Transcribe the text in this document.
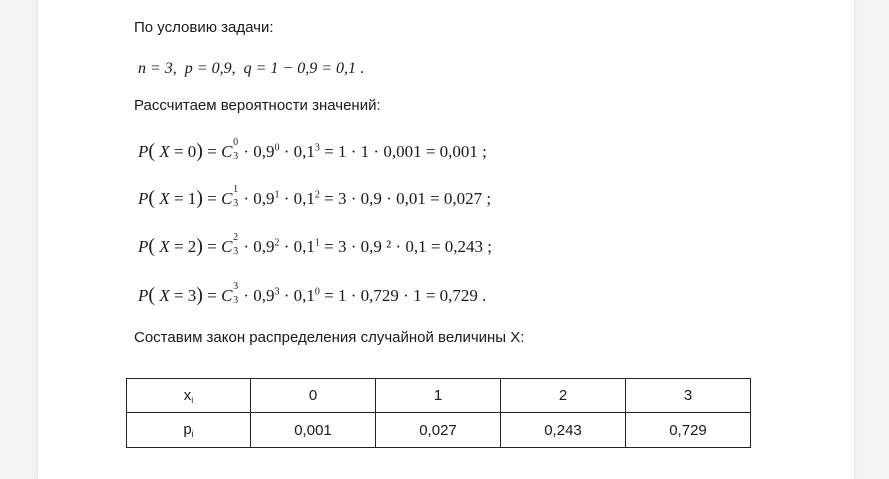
По условию задачи:
n = 3,  p = 0,9,  q = 1 − 0,9 = 0,1 .
Рассчитаем вероятности значений:
P( X = 0) = C 0
$3 \cdot 0,9^0 \cdot 0,1^3 = 1 \cdot 1 \cdot 0,001 = 0,001$ ;
P( X = 1) = C 1
$3 \cdot 0,9^1 \cdot 0,1^2 = 3 \cdot 0,9 \cdot 0,01 = 0,027$ ;
P( X = 2) = C 2
$3 \cdot 0,9^2 \cdot 0,1^1 = 3 \cdot 0,9$ ² · 0,1 = 0,243 ;
P( X = 3) = C 3
$3 \cdot 0,9^3 \cdot 0,1^0 = 1 \cdot 0,729 \cdot 1 = 0,729$ .
Составим закон распределения случайной величины X:
$x_i$	0	1	2	3
$p_i$	0,001	0,027	0,243	0,729
